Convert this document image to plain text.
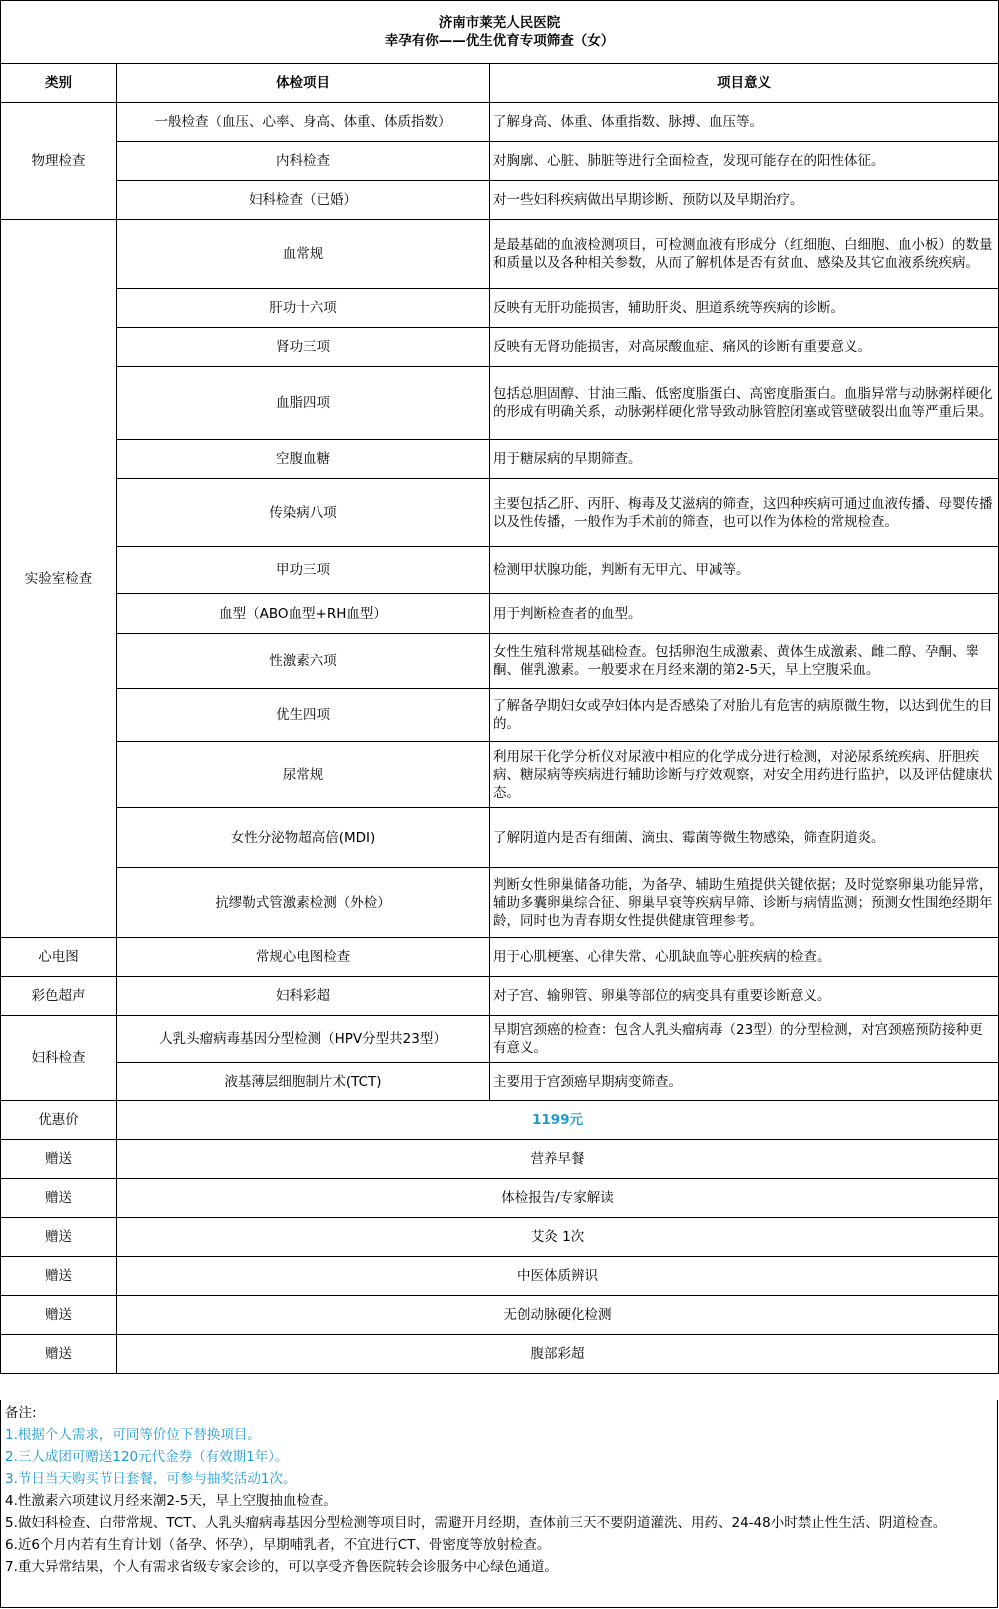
济南市莱芜人民医院
幸孕有你——优生优育专项筛查（女）		

类别	体检项目	项目意义
物理检查	一般检查（血压、心率、身高、体重、体质指数）	了解身高、体重、体重指数、脉搏、血压等。
	内科检查	对胸廓、心脏、肺脏等进行全面检查，发现可能存在的阳性体征。
	妇科检查（已婚）	对一些妇科疾病做出早期诊断、预防以及早期治疗。
实验室检查	血常规	是最基础的血液检测项目，可检测血液有形成分（红细胞、白细胞、血小板）的数量和质量以及各种相关参数，从而了解机体是否有贫血、感染及其它血液系统疾病。
	肝功十六项	反映有无肝功能损害，辅助肝炎、胆道系统等疾病的诊断。
	肾功三项	反映有无肾功能损害，对高尿酸血症、痛风的诊断有重要意义。
	血脂四项	包括总胆固醇、甘油三酯、低密度脂蛋白、高密度脂蛋白。血脂异常与动脉粥样硬化的形成有明确关系，动脉粥样硬化常导致动脉管腔闭塞或管壁破裂出血等严重后果。
	空腹血糖	用于糖尿病的早期筛查。
	传染病八项	主要包括乙肝、丙肝、梅毒及艾滋病的筛查，这四种疾病可通过血液传播、母婴传播以及性传播，一般作为手术前的筛查，也可以作为体检的常规检查。
	甲功三项	检测甲状腺功能，判断有无甲亢、甲减等。
	血型（ABO血型+RH血型）	用于判断检查者的血型。
	性激素六项	女性生殖科常规基础检查。包括卵泡生成激素、黄体生成激素、雌二醇、孕酮、睾酮、催乳激素。一般要求在月经来潮的第2-5天，早上空腹采血。
	优生四项	了解备孕期妇女或孕妇体内是否感染了对胎儿有危害的病原微生物，以达到优生的目的。
	尿常规	利用尿干化学分析仪对尿液中相应的化学成分进行检测，对泌尿系统疾病、肝胆疾病、糖尿病等疾病进行辅助诊断与疗效观察，对安全用药进行监护，以及评估健康状态。
	女性分泌物超高倍(MDI)	了解阴道内是否有细菌、滴虫、霉菌等微生物感染，筛查阴道炎。
	抗缪勒式管激素检测（外检）	判断女性卵巢储备功能，为备孕、辅助生殖提供关键依据；及时觉察卵巢功能异常，辅助多囊卵巢综合征、卵巢早衰等疾病早筛、诊断与病情监测；预测女性围绝经期年龄，同时也为青春期女性提供健康管理参考。
心电图	常规心电图检查	用于心肌梗塞、心律失常、心肌缺血等心脏疾病的检查。
彩色超声	妇科彩超	对子宫、输卵管、卵巢等部位的病变具有重要诊断意义。
妇科检查	人乳头瘤病毒基因分型检测（HPV分型共23型）	早期宫颈癌的检查：包含人乳头瘤病毒（23型）的分型检测，对宫颈癌预防接种更有意义。
	液基薄层细胞制片术(TCT)	主要用于宫颈癌早期病变筛查。
优惠价	1199元	
赠送	营养早餐	
赠送	体检报告/专家解读	
赠送	艾灸 1次	
赠送	中医体质辨识	
赠送	无创动脉硬化检测	
赠送	腹部彩超	
备注:
1.根据个人需求，可同等价位下替换项目。
2.三人成团可赠送120元代金券（有效期1年）。
3.节日当天购买节日套餐，可参与抽奖活动1次。
4.性激素六项建议月经来潮2-5天，早上空腹抽血检查。
5.做妇科检查、白带常规、TCT、人乳头瘤病毒基因分型检测等项目时，需避开月经期，查体前三天不要阴道灌洗、用药、24-48小时禁止性生活、阴道检查。
6.近6个月内若有生育计划（备孕、怀孕），早期哺乳者，不宜进行CT、骨密度等放射检查。
7.重大异常结果，个人有需求省级专家会诊的，可以享受齐鲁医院转会诊服务中心绿色通道。
